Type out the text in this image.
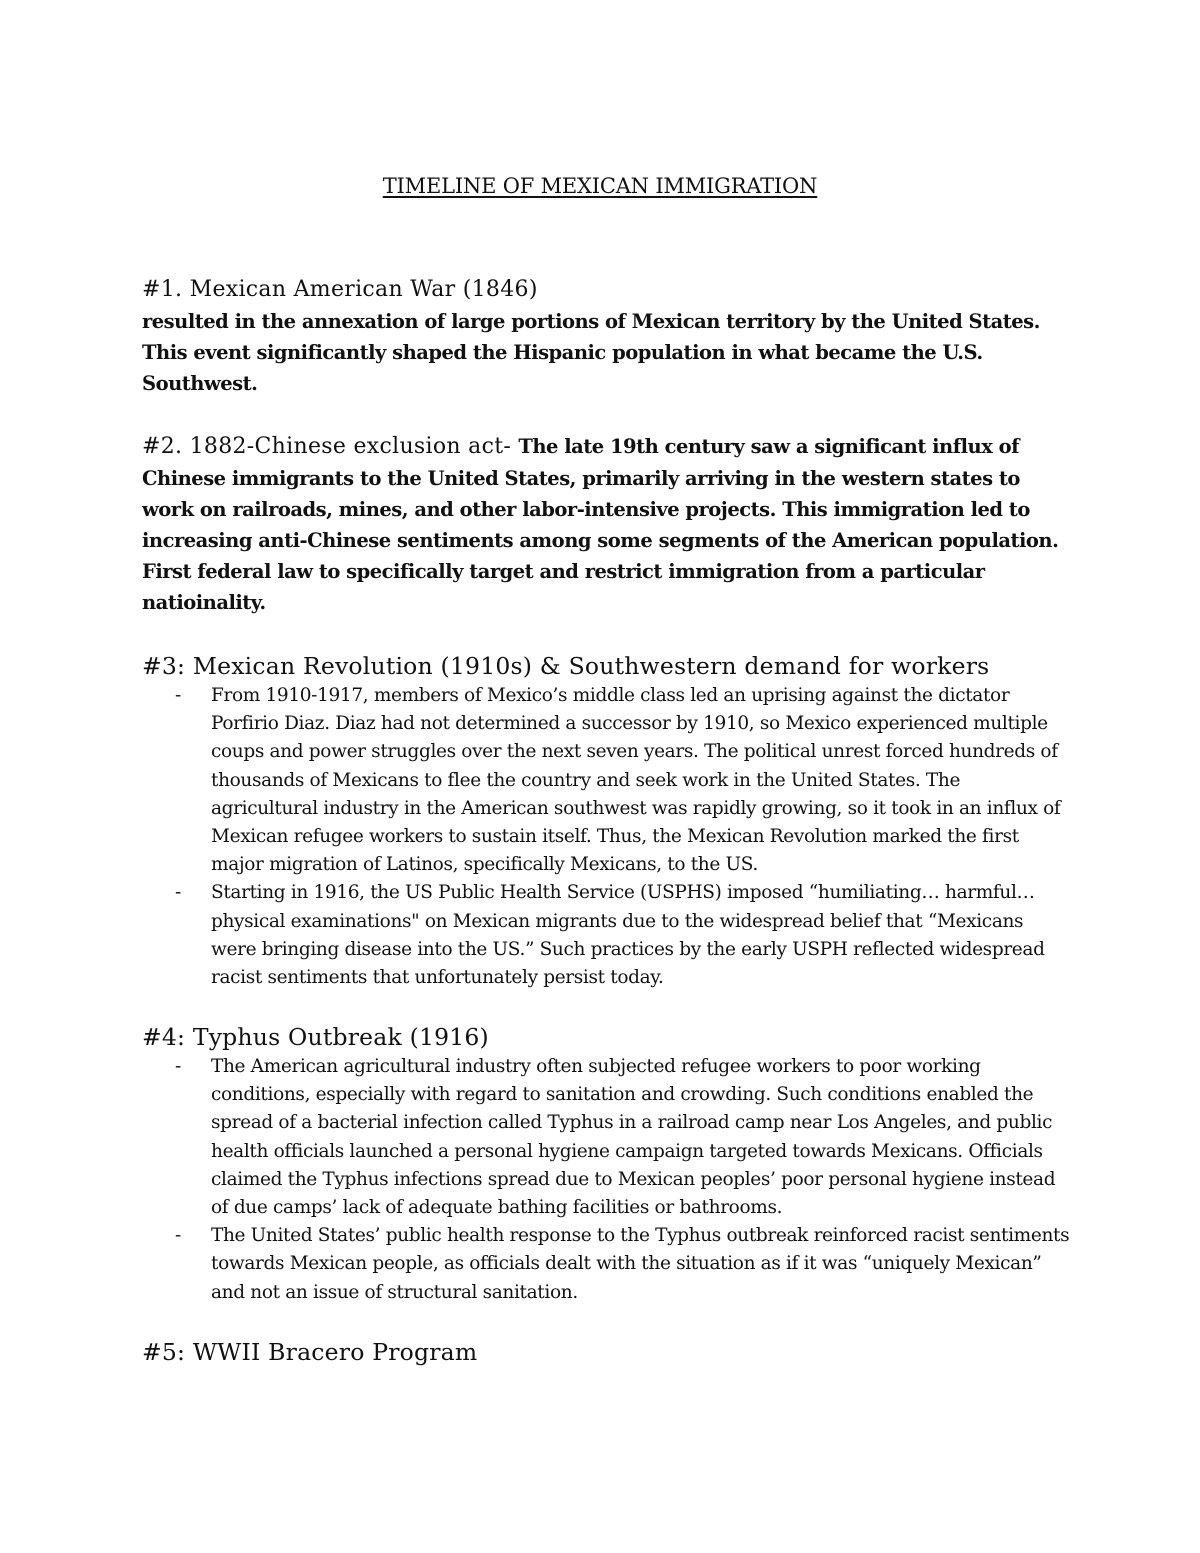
TIMELINE OF MEXICAN IMMIGRATION
#1. Mexican American War (1846)
resulted in the annexation of large portions of Mexican territory by the United States. This event significantly shaped the Hispanic population in what became the U.S. Southwest.
#2. 1882-Chinese exclusion act- The late 19th century saw a significant influx of Chinese immigrants to the United States, primarily arriving in the western states to work on railroads, mines, and other labor-intensive projects. This immigration led to increasing anti-Chinese sentiments among some segments of the American population. First federal law to specifically target and restrict immigration from a particular natioinality.
#3: Mexican Revolution (1910s) & Southwestern demand for workers
- From 1910-1917, members of Mexico’s middle class led an uprising against the dictator Porfirio Diaz. Diaz had not determined a successor by 1910, so Mexico experienced multiple coups and power struggles over the next seven years. The political unrest forced hundreds of thousands of Mexicans to flee the country and seek work in the United States. The agricultural industry in the American southwest was rapidly growing, so it took in an influx of Mexican refugee workers to sustain itself. Thus, the Mexican Revolution marked the first major migration of Latinos, specifically Mexicans, to the US.
- Starting in 1916, the US Public Health Service (USPHS) imposed “humiliating… harmful…physical examinations" on Mexican migrants due to the widespread belief that “Mexicans were bringing disease into the US.” Such practices by the early USPH reflected widespread racist sentiments that unfortunately persist today.
#4: Typhus Outbreak (1916)
- The American agricultural industry often subjected refugee workers to poor working conditions, especially with regard to sanitation and crowding. Such conditions enabled the spread of a bacterial infection called Typhus in a railroad camp near Los Angeles, and public health officials launched a personal hygiene campaign targeted towards Mexicans. Officials claimed the Typhus infections spread due to Mexican peoples’ poor personal hygiene instead of due camps’ lack of adequate bathing facilities or bathrooms.
- The United States’ public health response to the Typhus outbreak reinforced racist sentiments towards Mexican people, as officials dealt with the situation as if it was “uniquely Mexican” and not an issue of structural sanitation.
#5: WWII Bracero Program
